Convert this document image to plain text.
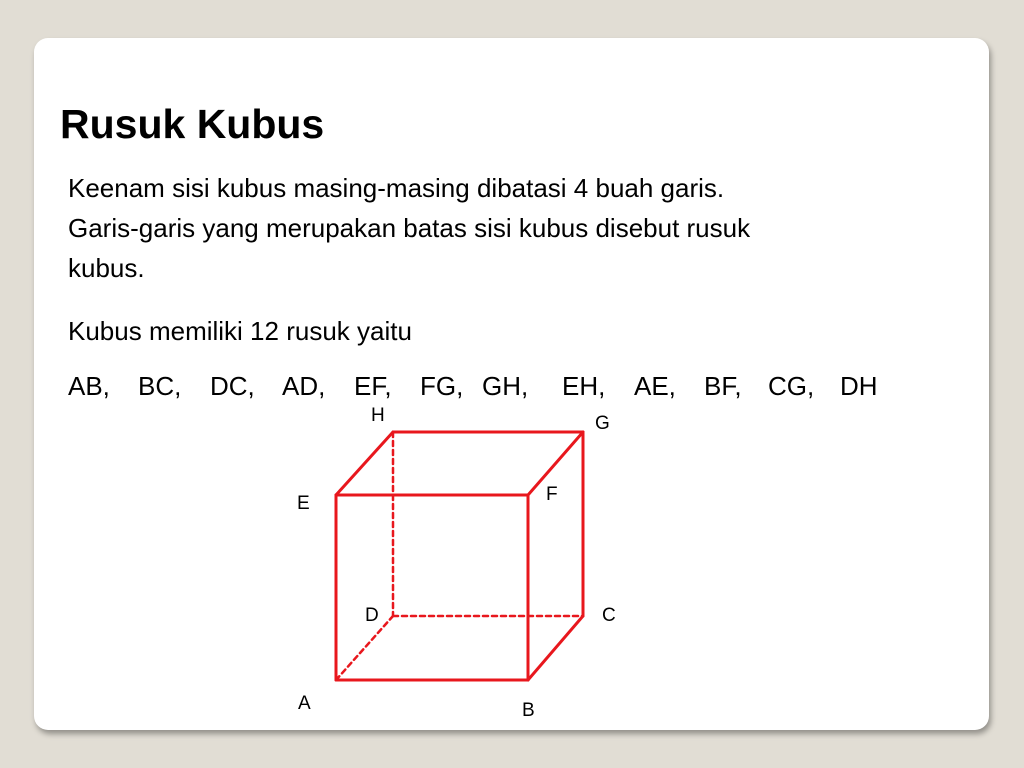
Rusuk Kubus
Keenam sisi kubus masing-masing dibatasi 4 buah garis.
Garis-garis yang merupakan batas sisi kubus disebut rusuk
kubus.
Kubus memiliki 12 rusuk yaitu
AB, BC, DC, AD, EF, FG, GH, EH, AE, BF, CG, DH
H	G
E	F
D	C
A	B
